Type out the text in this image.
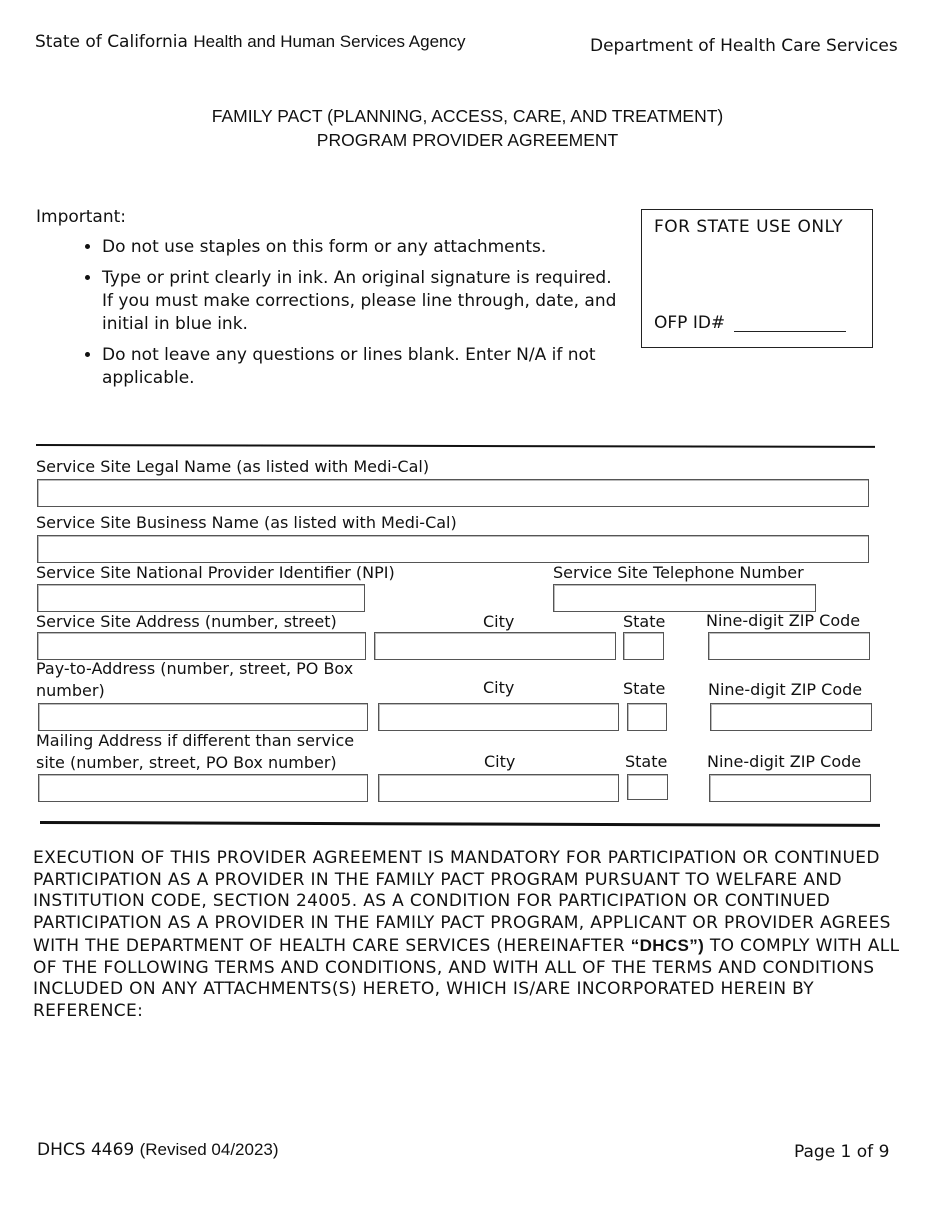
State of California Health and Human Services Agency	Department of Health Care Services
FAMILY PACT (PLANNING, ACCESS, CARE, AND TREATMENT)
PROGRAM PROVIDER AGREEMENT
Important:
• Do not use staples on this form or any attachments.
• Type or print clearly in ink. An original signature is required. If you must make corrections, please line through, date, and initial in blue ink.
• Do not leave any questions or lines blank. Enter N/A if not applicable.
FOR STATE USE ONLY
OFP ID#
Service Site Legal Name (as listed with Medi-Cal)
Service Site Business Name (as listed with Medi-Cal)
Service Site National Provider Identifier (NPI)	Service Site Telephone Number
Service Site Address (number, street)	City	State	Nine-digit ZIP Code
Pay-to-Address (number, street, PO Box number)	City	State	Nine-digit ZIP Code
Mailing Address if different than service site (number, street, PO Box number)	City	State Nine-digit ZIP Code
EXECUTION OF THIS PROVIDER AGREEMENT IS MANDATORY FOR PARTICIPATION OR CONTINUED PARTICIPATION AS A PROVIDER IN THE FAMILY PACT PROGRAM PURSUANT TO WELFARE AND INSTITUTION CODE, SECTION 24005. AS A CONDITION FOR PARTICIPATION OR CONTINUED PARTICIPATION AS A PROVIDER IN THE FAMILY PACT PROGRAM, APPLICANT OR PROVIDER AGREES WITH THE DEPARTMENT OF HEALTH CARE SERVICES (HEREINAFTER “DHCS”) TO COMPLY WITH ALL OF THE FOLLOWING TERMS AND CONDITIONS, AND WITH ALL OF THE TERMS AND CONDITIONS INCLUDED ON ANY ATTACHMENTS(S) HERETO, WHICH IS/ARE INCORPORATED HEREIN BY REFERENCE:
DHCS 4469 (Revised 04/2023)	Page 1 of 9
